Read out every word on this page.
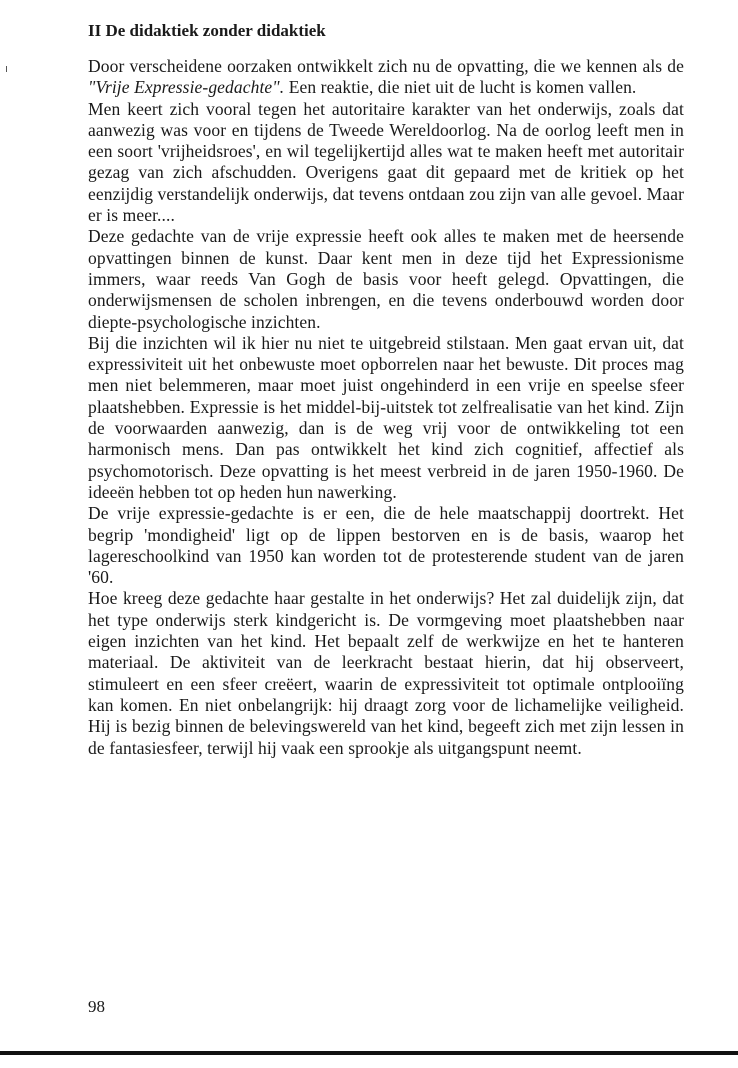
II De didaktiek zonder didaktiek

Door verscheidene oorzaken ontwikkelt zich nu de opvatting, die we kennen als de "Vrije Expressie-gedachte". Een reaktie, die niet uit de lucht is komen vallen.

Men keert zich vooral tegen het autoritaire karakter van het onderwijs, zoals dat aanwezig was voor en tijdens de Tweede Wereldoorlog. Na de oorlog leeft men in een soort 'vrijheidsroes', en wil tegelijkertijd alles wat te maken heeft met autoritair gezag van zich afschudden. Overigens gaat dit gepaard met de kritiek op het eenzijdig verstandelijk onderwijs, dat tevens ontdaan zou zijn van alle gevoel. Maar er is meer....

Deze gedachte van de vrije expressie heeft ook alles te maken met de heersende opvattingen binnen de kunst. Daar kent men in deze tijd het Expressionisme immers, waar reeds Van Gogh de basis voor heeft gelegd. Opvattingen, die onderwijsmensen de scholen inbrengen, en die tevens onderbouwd worden door diepte-psychologische inzichten.

Bij die inzichten wil ik hier nu niet te uitgebreid stilstaan. Men gaat ervan uit, dat expressiviteit uit het onbewuste moet opborrelen naar het bewuste. Dit proces mag men niet belemmeren, maar moet juist ongehinderd in een vrije en speelse sfeer plaatshebben. Expressie is het middel-bij-uitstek tot zelfrealisatie van het kind. Zijn de voorwaarden aanwezig, dan is de weg vrij voor de ontwikkeling tot een harmonisch mens. Dan pas ontwikkelt het kind zich cognitief, affectief als psychomotorisch. Deze opvatting is het meest verbreid in de jaren 1950-1960. De ideeën hebben tot op heden hun nawerking.

De vrije expressie-gedachte is er een, die de hele maatschappij doortrekt. Het begrip 'mondigheid' ligt op de lippen bestorven en is de basis, waarop het lagereschoolkind van 1950 kan worden tot de protesterende student van de jaren '60.

Hoe kreeg deze gedachte haar gestalte in het onderwijs? Het zal duidelijk zijn, dat het type onderwijs sterk kindgericht is. De vormgeving moet plaatshebben naar eigen inzichten van het kind. Het bepaalt zelf de werkwijze en het te hanteren materiaal. De aktiviteit van de leerkracht bestaat hierin, dat hij observeert, stimuleert en een sfeer creëert, waarin de expressiviteit tot optimale ontplooiïng kan komen. En niet onbelangrijk: hij draagt zorg voor de lichamelijke veiligheid. Hij is bezig binnen de belevingswereld van het kind, begeeft zich met zijn lessen in de fantasiesfeer, terwijl hij vaak een sprookje als uitgangspunt neemt.

98
